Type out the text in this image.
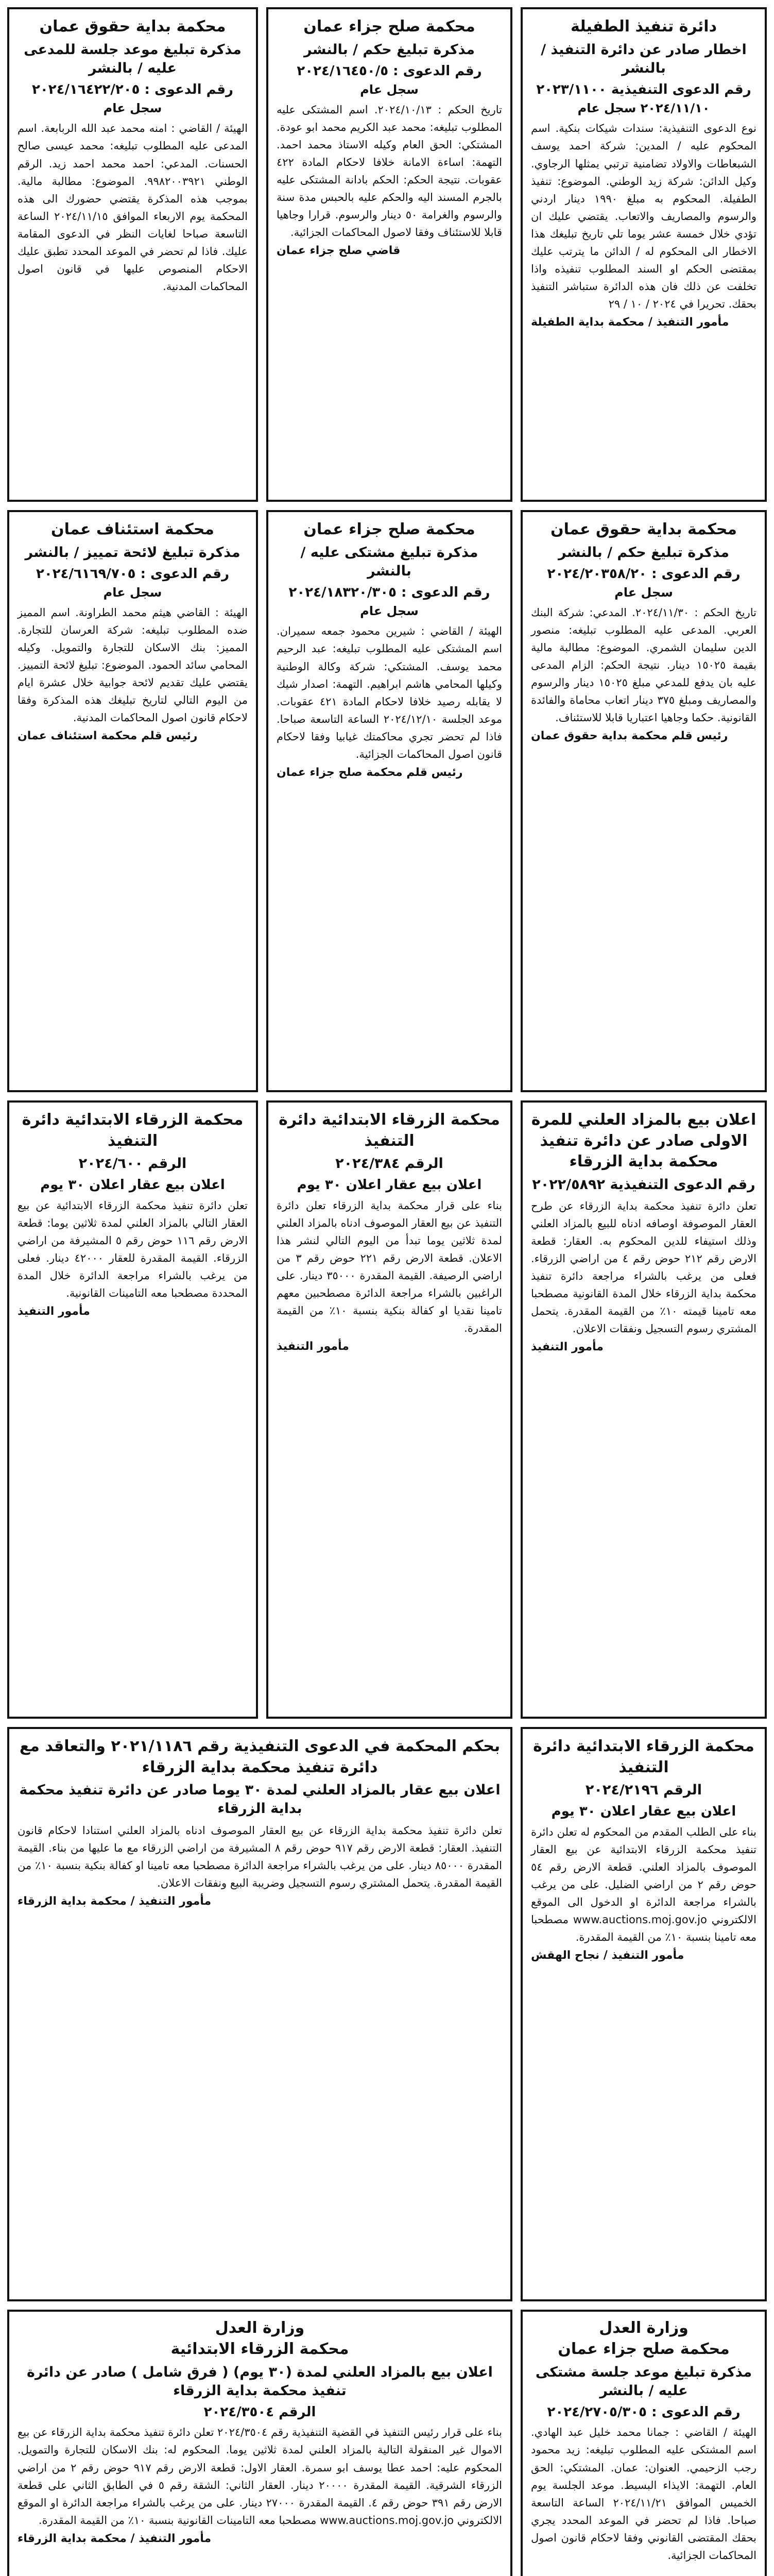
دائرة تنفيذ الطفيلة
اخطار صادر عن دائرة التنفيذ / بالنشر
رقم الدعوى التنفيذية ٢٠٢٣/١١٠٠
٢٠٢٤/١١/١٠ سجل عام
نوع الدعوى التنفيذية: سندات شيكات بنكية. اسم المحكوم عليه / المدين: شركة احمد يوسف الشبعاطات والاولاد تضامنية ترتبي يمثلها الرجاوي. وكيل الدائن: شركة زيد الوطني. الموضوع: تنفيذ الطفيلة. المحكوم به مبلغ ١٩٩٠ دينار اردني والرسوم والمصاريف والاتعاب. يقتضي عليك ان تؤدي خلال خمسة عشر يوما تلي تاريخ تبليغك هذا الاخطار الى المحكوم له / الدائن ما يترتب عليك بمقتضى الحكم او السند المطلوب تنفيذه واذا تخلفت عن ذلك فان هذه الدائرة ستباشر التنفيذ بحقك. تحريرا في ٢٠٢٤ / ١٠ / ٢٩
مأمور التنفيذ / محكمة بداية الطفيلة
محكمة صلح جزاء عمان
مذكرة تبليغ حكم / بالنشر
رقم الدعوى : ٢٠٢٤/١٦٤٥٠/٥
سجل عام
تاريخ الحكم : ٢٠٢٤/١٠/١٣. اسم المشتكى عليه المطلوب تبليغه: محمد عبد الكريم محمد ابو عودة. المشتكي: الحق العام وكيله الاستاذ محمد احمد. التهمة: اساءة الامانة خلافا لاحكام المادة ٤٢٢ عقوبات. نتيجة الحكم: الحكم بادانة المشتكى عليه بالجرم المسند اليه والحكم عليه بالحبس مدة سنة والرسوم والغرامة ٥٠ دينار والرسوم. قرارا وجاهيا قابلا للاستئناف وفقا لاصول المحاكمات الجزائية.
قاضي صلح جزاء عمان
محكمة بداية حقوق عمان
مذكرة تبليغ موعد جلسة للمدعى عليه / بالنشر
رقم الدعوى : ٢٠٢٤/١٦٤٢٢/٢٠٥
سجل عام
الهيئة / القاضي : امنه محمد عبد الله الربابعة. اسم المدعى عليه المطلوب تبليغه: محمد عيسى صالح الحسنات. المدعي: احمد محمد احمد زيد. الرقم الوطني ٩٩٨٢٠٠٣٩٢١. الموضوع: مطالبة مالية. بموجب هذه المذكرة يقتضي حضورك الى هذه المحكمة يوم الاربعاء الموافق ٢٠٢٤/١١/١٥ الساعة التاسعة صباحا لغايات النظر في الدعوى المقامة عليك. فاذا لم تحضر في الموعد المحدد تطبق عليك الاحكام المنصوص عليها في قانون اصول المحاكمات المدنية.
محكمة بداية حقوق عمان
مذكرة تبليغ حكم / بالنشر
رقم الدعوى : ٢٠٢٤/٢٠٣٥٨/٢٠
سجل عام
تاريخ الحكم : ٢٠٢٤/١١/٣٠. المدعي: شركة البنك العربي. المدعى عليه المطلوب تبليغه: منصور الدين سليمان الشمري. الموضوع: مطالبة مالية بقيمة ١٥٠٢٥ دينار. نتيجة الحكم: الزام المدعى عليه بان يدفع للمدعي مبلغ ١٥٠٢٥ دينار والرسوم والمصاريف ومبلغ ٣٧٥ دينار اتعاب محاماة والفائدة القانونية. حكما وجاهيا اعتباريا قابلا للاستئناف.
رئيس قلم محكمة بداية حقوق عمان
محكمة صلح جزاء عمان
مذكرة تبليغ مشتكى عليه / بالنشر
رقم الدعوى : ٢٠٢٤/١٨٣٢٠/٣٠٥
سجل عام
الهيئة / القاضي : شيرين محمود جمعه سميران. اسم المشتكى عليه المطلوب تبليغه: عبد الرحيم محمد يوسف. المشتكي: شركة وكالة الوطنية وكيلها المحامي هاشم ابراهيم. التهمة: اصدار شيك لا يقابله رصيد خلافا لاحكام المادة ٤٢١ عقوبات. موعد الجلسة ٢٠٢٤/١٢/١٠ الساعة التاسعة صباحا. فاذا لم تحضر تجري محاكمتك غيابيا وفقا لاحكام قانون اصول المحاكمات الجزائية.
رئيس قلم محكمة صلح جزاء عمان
محكمة استئناف عمان
مذكرة تبليغ لائحة تمييز / بالنشر
رقم الدعوى : ٢٠٢٤/٦١٦٩/٧٠٥
سجل عام
الهيئة : القاضي هيثم محمد الطراونة. اسم المميز ضده المطلوب تبليغه: شركة العرسان للتجارة. المميز: بنك الاسكان للتجارة والتمويل. وكيله المحامي سائد الحمود. الموضوع: تبليغ لائحة التمييز. يقتضي عليك تقديم لائحة جوابية خلال عشرة ايام من اليوم التالي لتاريخ تبليغك هذه المذكرة وفقا لاحكام قانون اصول المحاكمات المدنية.
رئيس قلم محكمة استئناف عمان
اعلان بيع بالمزاد العلني للمرة الاولى صادر عن دائرة تنفيذ محكمة بداية الزرقاء
رقم الدعوى التنفيذية ٢٠٢٢/٥٨٩٢
تعلن دائرة تنفيذ محكمة بداية الزرقاء عن طرح العقار الموصوفة اوصافه ادناه للبيع بالمزاد العلني وذلك استيفاء للدين المحكوم به. العقار: قطعة الارض رقم ٢١٢ حوض رقم ٤ من اراضي الزرقاء. فعلى من يرغب بالشراء مراجعة دائرة تنفيذ محكمة بداية الزرقاء خلال المدة القانونية مصطحبا معه تامينا قيمته ١٠٪ من القيمة المقدرة. يتحمل المشتري رسوم التسجيل ونفقات الاعلان.
مأمور التنفيذ
محكمة الزرقاء الابتدائية دائرة التنفيذ
الرقم ٢٠٢٤/٣٨٤
اعلان بيع عقار اعلان ٣٠ يوم
بناء على قرار محكمة بداية الزرقاء تعلن دائرة التنفيذ عن بيع العقار الموصوف ادناه بالمزاد العلني لمدة ثلاثين يوما تبدأ من اليوم التالي لنشر هذا الاعلان. قطعة الارض رقم ٢٢١ حوض رقم ٣ من اراضي الرصيفة. القيمة المقدرة ٣٥٠٠٠ دينار. على الراغبين بالشراء مراجعة الدائرة مصطحبين معهم تامينا نقديا او كفالة بنكية بنسبة ١٠٪ من القيمة المقدرة.
مأمور التنفيذ
محكمة الزرقاء الابتدائية دائرة التنفيذ
الرقم ٢٠٢٤/٦٠٠
اعلان بيع عقار اعلان ٣٠ يوم
تعلن دائرة تنفيذ محكمة الزرقاء الابتدائية عن بيع العقار التالي بالمزاد العلني لمدة ثلاثين يوما: قطعة الارض رقم ١١٦ حوض رقم ٥ المشيرفة من اراضي الزرقاء. القيمة المقدرة للعقار ٤٢٠٠٠ دينار. فعلى من يرغب بالشراء مراجعة الدائرة خلال المدة المحددة مصطحبا معه التامينات القانونية.
مأمور التنفيذ
محكمة الزرقاء الابتدائية دائرة التنفيذ
الرقم ٢٠٢٤/٢١٩٦
اعلان بيع عقار اعلان ٣٠ يوم
بناء على الطلب المقدم من المحكوم له تعلن دائرة تنفيذ محكمة الزرقاء الابتدائية عن بيع العقار الموصوف بالمزاد العلني. قطعة الارض رقم ٥٤ حوض رقم ٢ من اراضي الضليل. على من يرغب بالشراء مراجعة الدائرة او الدخول الى الموقع الالكتروني www.auctions.moj.gov.jo مصطحبا معه تامينا بنسبة ١٠٪ من القيمة المقدرة.
مأمور التنفيذ / نجاح الهقش
بحكم المحكمة في الدعوى التنفيذية رقم ٢٠٢١/١١٨٦ والتعاقد مع دائرة تنفيذ محكمة بداية الزرقاء
اعلان بيع عقار بالمزاد العلني لمدة ٣٠ يوما صادر عن دائرة تنفيذ محكمة بداية الزرقاء
تعلن دائرة تنفيذ محكمة بداية الزرقاء عن بيع العقار الموصوف ادناه بالمزاد العلني استنادا لاحكام قانون التنفيذ. العقار: قطعة الارض رقم ٩١٧ حوض رقم ٨ المشيرفة من اراضي الزرقاء مع ما عليها من بناء. القيمة المقدرة ٨٥٠٠٠ دينار. على من يرغب بالشراء مراجعة الدائرة مصطحبا معه تامينا او كفالة بنكية بنسبة ١٠٪ من القيمة المقدرة. يتحمل المشتري رسوم التسجيل وضريبة البيع ونفقات الاعلان.
مأمور التنفيذ / محكمة بداية الزرقاء
وزارة العدل
محكمة صلح جزاء عمان
مذكرة تبليغ موعد جلسة مشتكى عليه / بالنشر
رقم الدعوى : ٢٠٢٤/٢٧٠٥/٣٠٥
الهيئة / القاضي : جمانا محمد خليل عبد الهادي. اسم المشتكى عليه المطلوب تبليغه: زيد محمود رجب الزحيمي. العنوان: عمان. المشتكي: الحق العام. التهمة: الايذاء البسيط. موعد الجلسة يوم الخميس الموافق ٢٠٢٤/١١/٢١ الساعة التاسعة صباحا. فاذا لم تحضر في الموعد المحدد يجري بحقك المقتضى القانوني وفقا لاحكام قانون اصول المحاكمات الجزائية.
وزارة العدل
محكمة الزرقاء الابتدائية
اعلان بيع بالمزاد العلني لمدة (٣٠ يوم) ( فرق شامل ) صادر عن دائرة تنفيذ محكمة بداية الزرقاء
الرقم ٢٠٢٤/٣٥٠٤
بناء على قرار رئيس التنفيذ في القضية التنفيذية رقم ٢٠٢٤/٣٥٠٤ تعلن دائرة تنفيذ محكمة بداية الزرقاء عن بيع الاموال غير المنقولة التالية بالمزاد العلني لمدة ثلاثين يوما. المحكوم له: بنك الاسكان للتجارة والتمويل. المحكوم عليه: احمد عطا يوسف ابو سمرة. العقار الاول: قطعة الارض رقم ٩١٧ حوض رقم ٢ من اراضي الزرقاء الشرقية. القيمة المقدرة ٢٠٠٠٠ دينار. العقار الثاني: الشقة رقم ٥ في الطابق الثاني على قطعة الارض رقم ٣٩١ حوض رقم ٤. القيمة المقدرة ٢٧٠٠٠ دينار. على من يرغب بالشراء مراجعة الدائرة او الموقع الالكتروني www.auctions.moj.gov.jo مصطحبا معه التامينات القانونية بنسبة ١٠٪ من القيمة المقدرة.
مأمور التنفيذ / محكمة بداية الزرقاء
